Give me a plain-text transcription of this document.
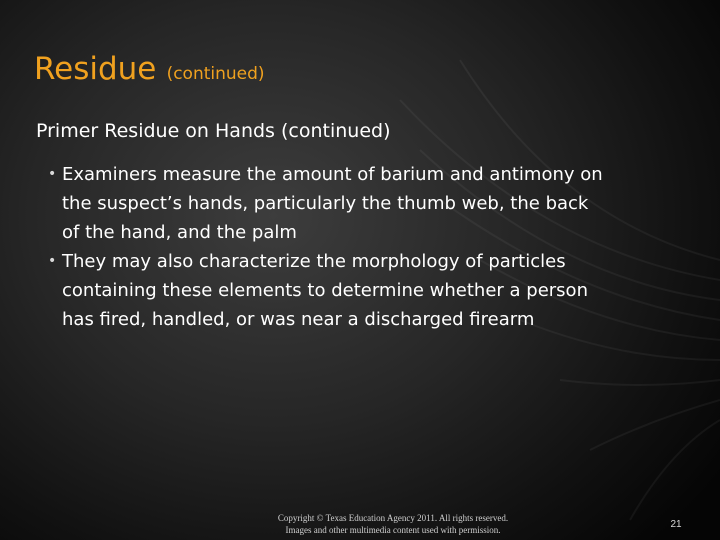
Residue (continued)
Primer Residue on Hands (continued)
• Examiners measure the amount of barium and antimony on the suspect’s hands, particularly the thumb web, the back of the hand, and the palm
• They may also characterize the morphology of particles containing these elements to determine whether a person has fired, handled, or was near a discharged firearm
Copyright © Texas Education Agency 2011. All rights reserved.
Images and other multimedia content used with permission.	21
